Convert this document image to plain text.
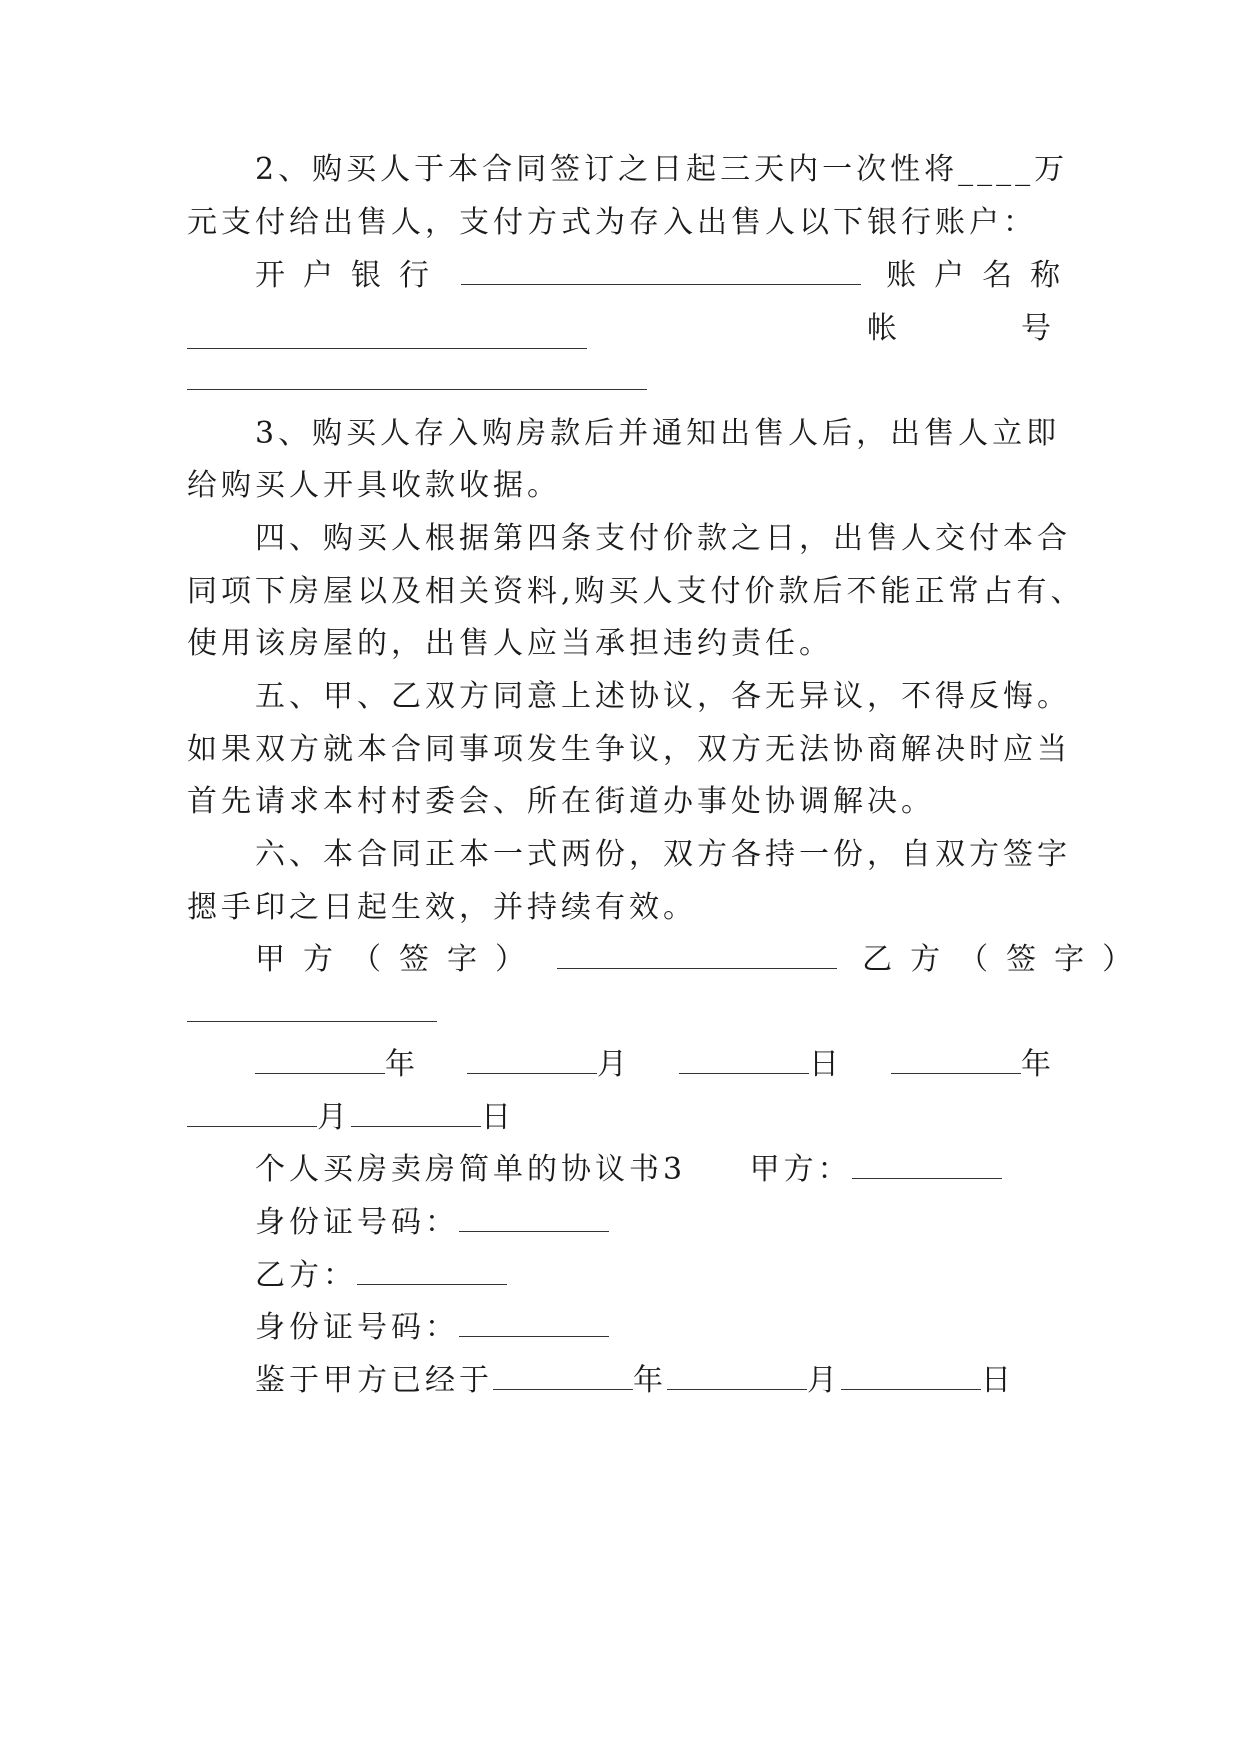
2、购买人于本合同签订之日起三天内一次性将____万
元支付给出售人，支付方式为存入出售人以下银行账户：
开户银行	账户名称
帐	号
3、购买人存入购房款后并通知出售人后，出售人立即
给购买人开具收款收据。
四、购买人根据第四条支付价款之日，出售人交付本合
同项下房屋以及相关资料,购买人支付价款后不能正常占有、
使用该房屋的，出售人应当承担违约责任。
五、甲、乙双方同意上述协议，各无异议，不得反悔。
如果双方就本合同事项发生争议，双方无法协商解决时应当
首先请求本村村委会、所在街道办事处协调解决。
六、本合同正本一式两份，双方各持一份，自双方签字
摁手印之日起生效，并持续有效。
甲方（签字）	乙方（签字）
年	月	日	年
月	日
个人买房卖房简单的协议书3 甲方：
身份证号码：
乙方：
身份证号码：
鉴于甲方已经于	年	月	日
